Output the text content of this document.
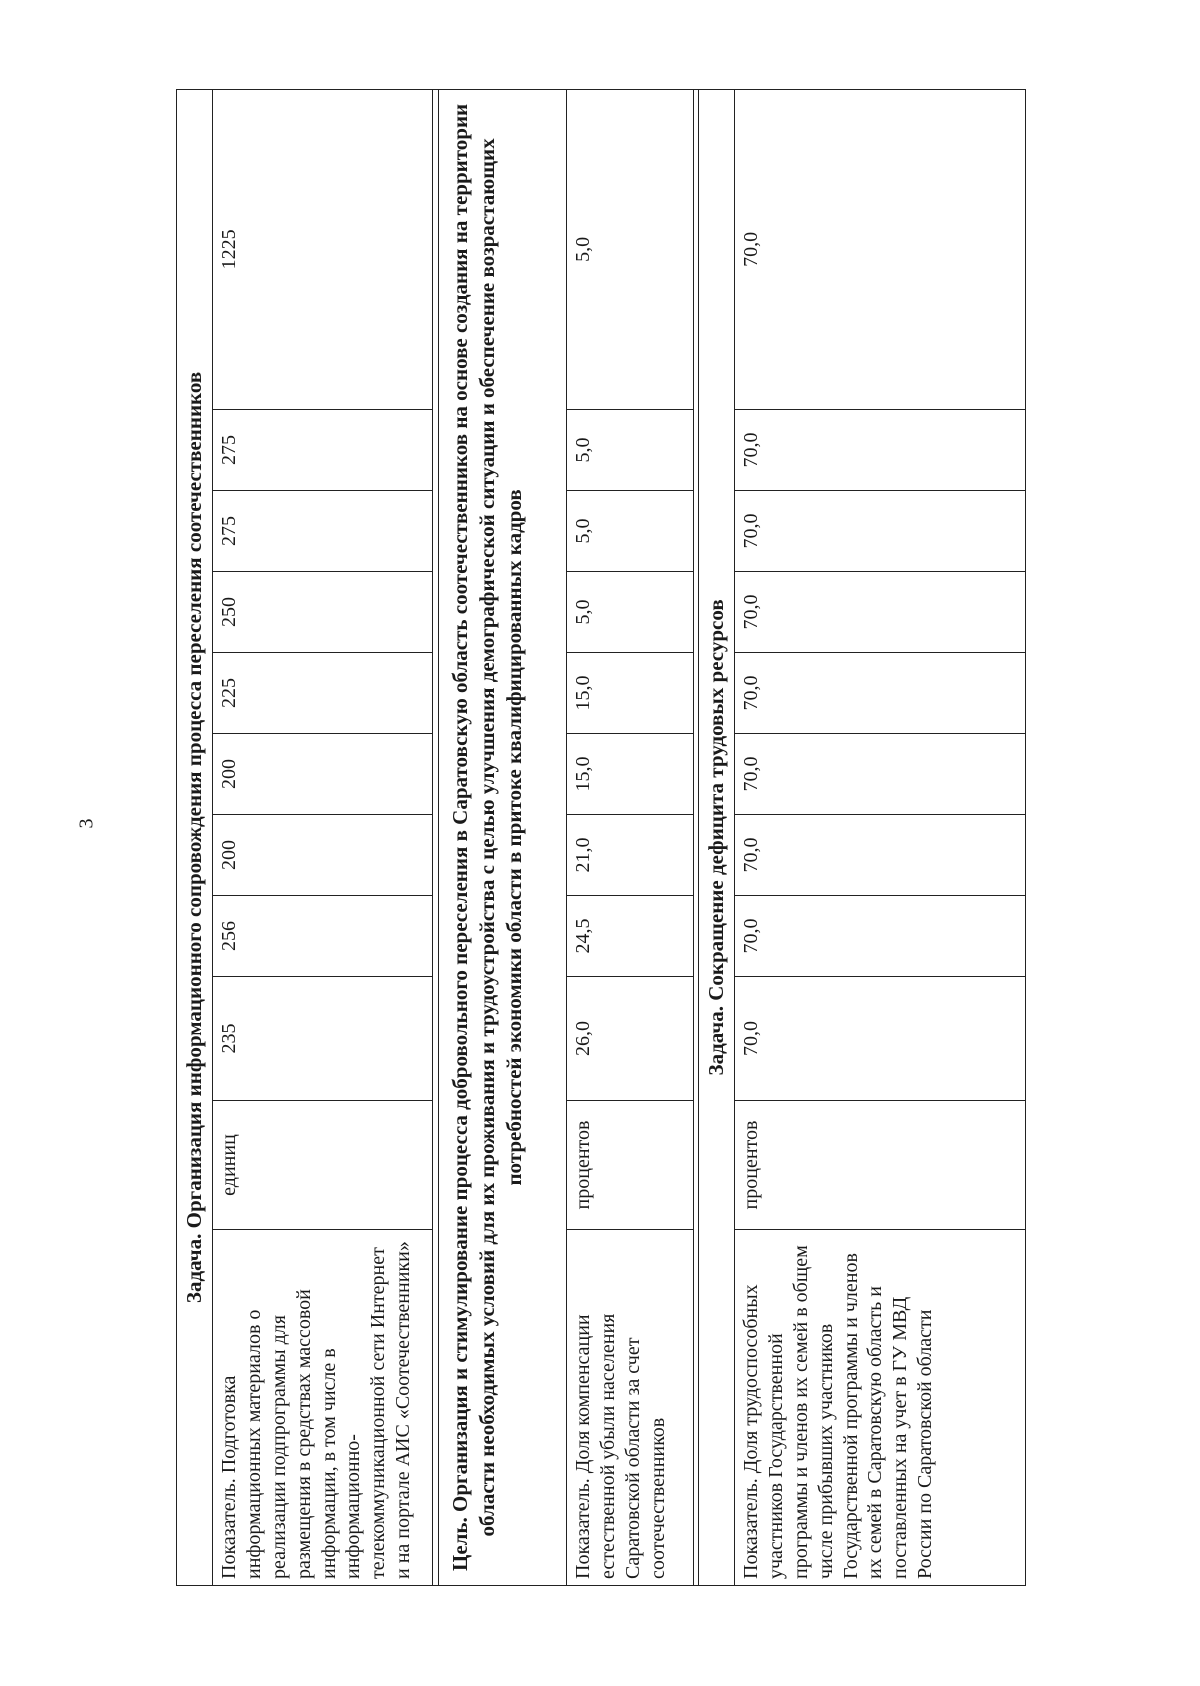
3	Задача. Организация информационного сопровождения процесса переселения соотечественников										
Показатель. Подготовка информационных материалов о реализации подпрограммы для размещения в средствах массовой информации, в том числе в информационно-телекоммуникационной сети Интернет и на портале АИС «Соотечественники»	единиц	235	256	200	200	225	250	275	275	1225

Цель. Организация и стимулирование процесса добровольного переселения в Саратовскую область соотечественников на основе создания на территории области необходимых условий для их проживания и трудоустройства с целью улучшения демографической ситуации и обеспечение возрастающих потребностей экономики области в притоке квалифицированных кадров										
Показатель. Доля компенсации естественной убыли населения Саратовской области за счет соотечественников	процентов	26,0	24,5	21,0	15,0	15,0	5,0	5,0	5,0	5,0

Задача. Сокращение дефицита трудовых ресурсов										
Показатель. Доля трудоспособных участников Государственной программы и членов их семей в общем числе прибывших участников Государственной программы и членов их семей в Саратовскую область и поставленных на учет в ГУ МВД России по Саратовской области	процентов	70,0	70,0	70,0	70,0	70,0	70,0	70,0	70,0	70,0
